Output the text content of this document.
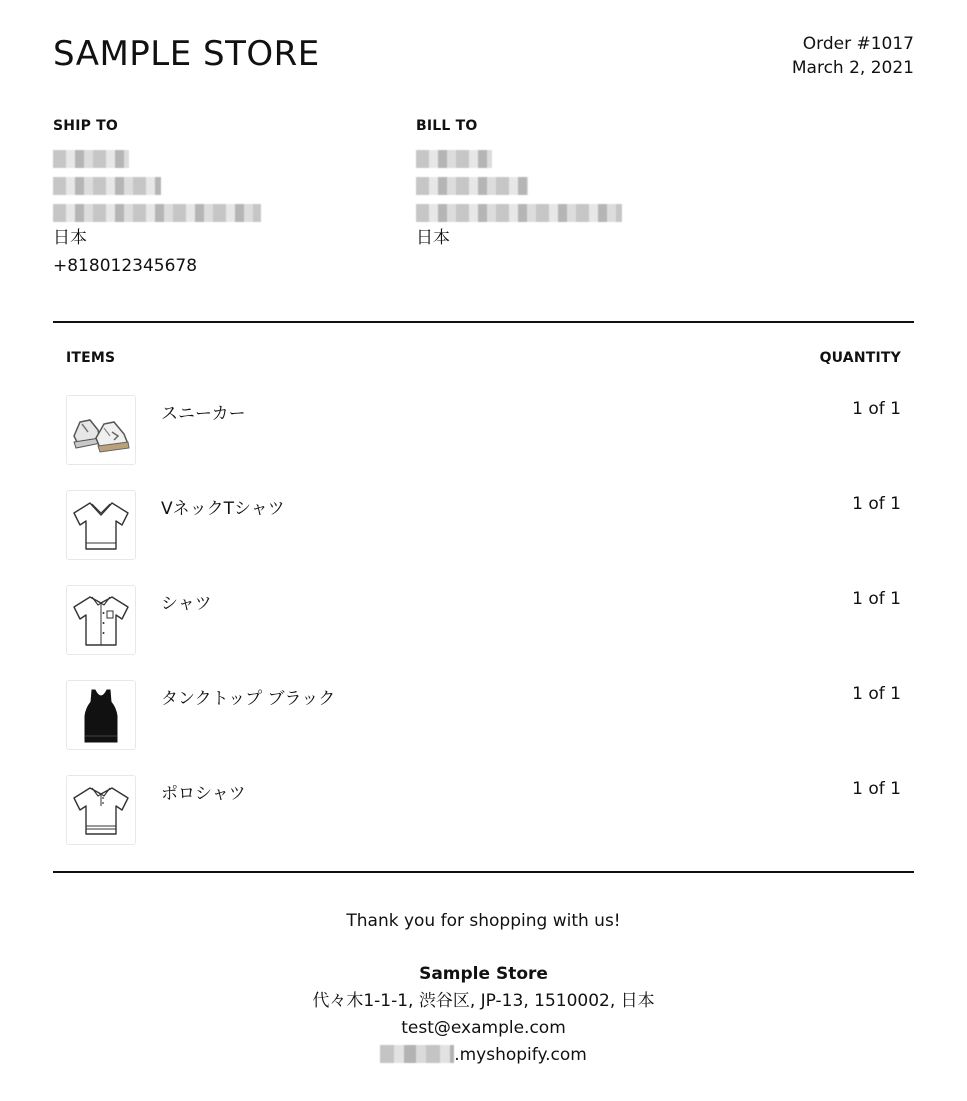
SAMPLE STORE	Order #1017
March 2, 2021
SHIP TO
日本
+818012345678
BILL TO
日本
ITEMS	QUANTITY
スニーカー	1 of 1
VネックTシャツ	1 of 1
シャツ	1 of 1
タンクトップ ブラック	1 of 1
ポロシャツ	1 of 1
Thank you for shopping with us!
Sample Store
代々木1-1-1, 渋谷区, JP-13, 1510002, 日本
test@example.com
.myshopify.com
